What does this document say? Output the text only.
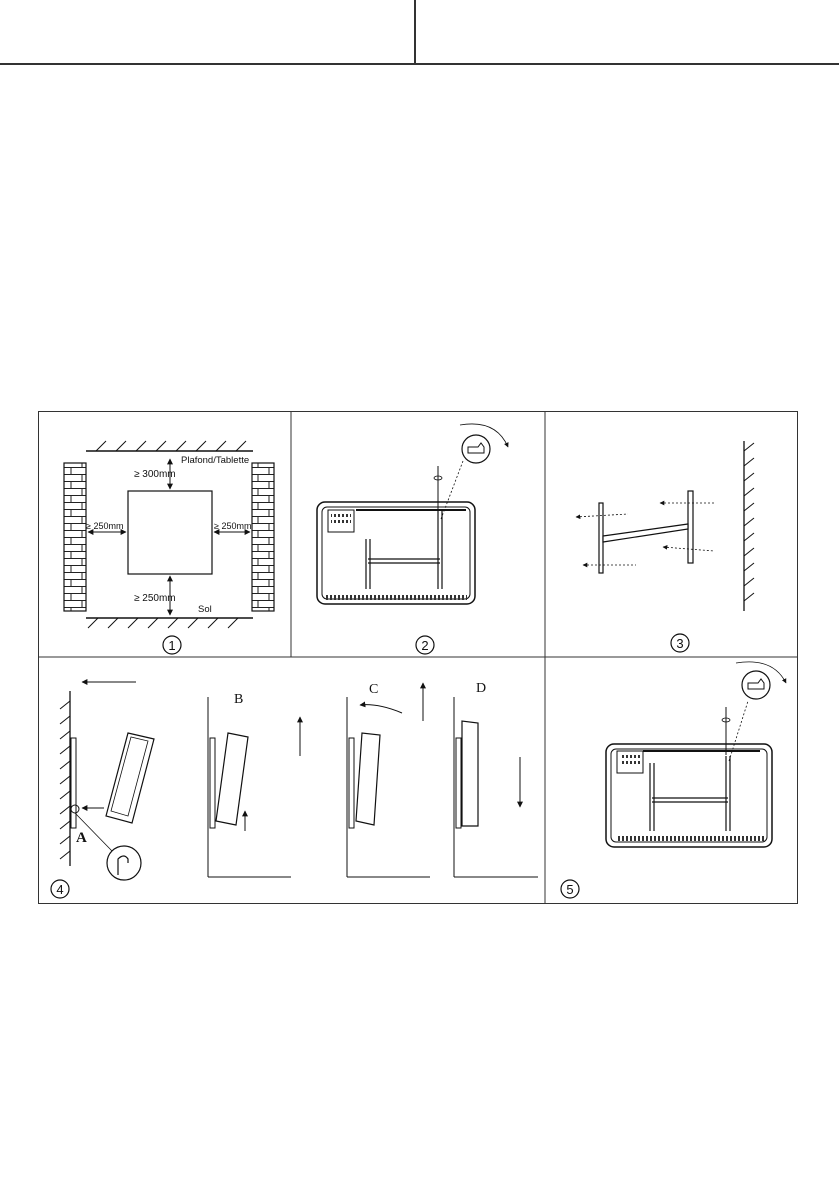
Plafond/Tablette
≥ 300mm
≥ 250mm	≥ 250mm
≥ 250mm
Sol
1	2	3
A
B
C	D
4	5
